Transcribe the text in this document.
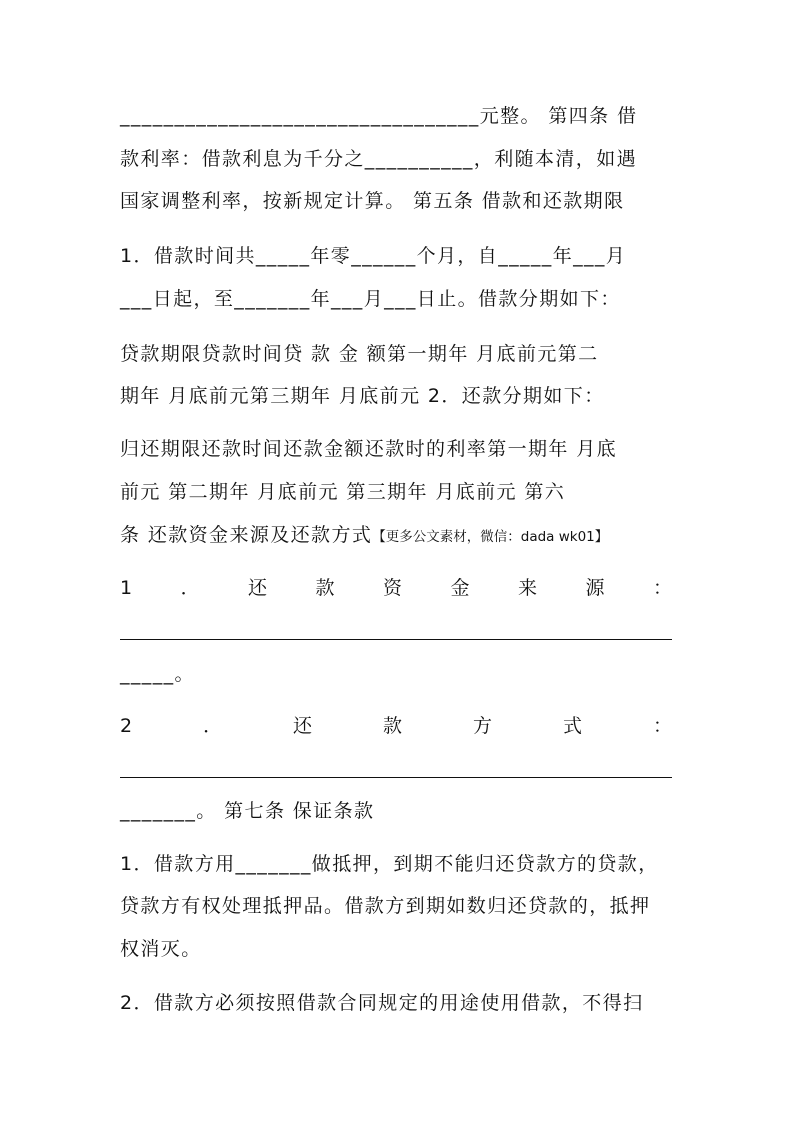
_________________________________元整。 第四条 借
款利率：借款利息为千分之__________，利随本清，如遇
国家调整利率，按新规定计算。 第五条 借款和还款期限
1．借款时间共_____年零______个月，自_____年___月
___日起，至_______年___月___日止。借款分期如下：
贷款期限贷款时间贷 款 金 额第一期年 月底前元第二
期年 月底前元第三期年 月底前元 2．还款分期如下：
归还期限还款时间还款金额还款时的利率第一期年 月底
前元 第二期年 月底前元 第三期年 月底前元 第六
条 还款资金来源及还款方式【更多公文素材，微信：dada wk01】
1	．	还	款	资	金	来	源	：
_____。
2	．	还	款	方	式	：
_______。 第七条 保证条款
1．借款方用_______做抵押，到期不能归还贷款方的贷款，
贷款方有权处理抵押品。借款方到期如数归还贷款的，抵押
权消灭。
2．借款方必须按照借款合同规定的用途使用借款，不得扫
